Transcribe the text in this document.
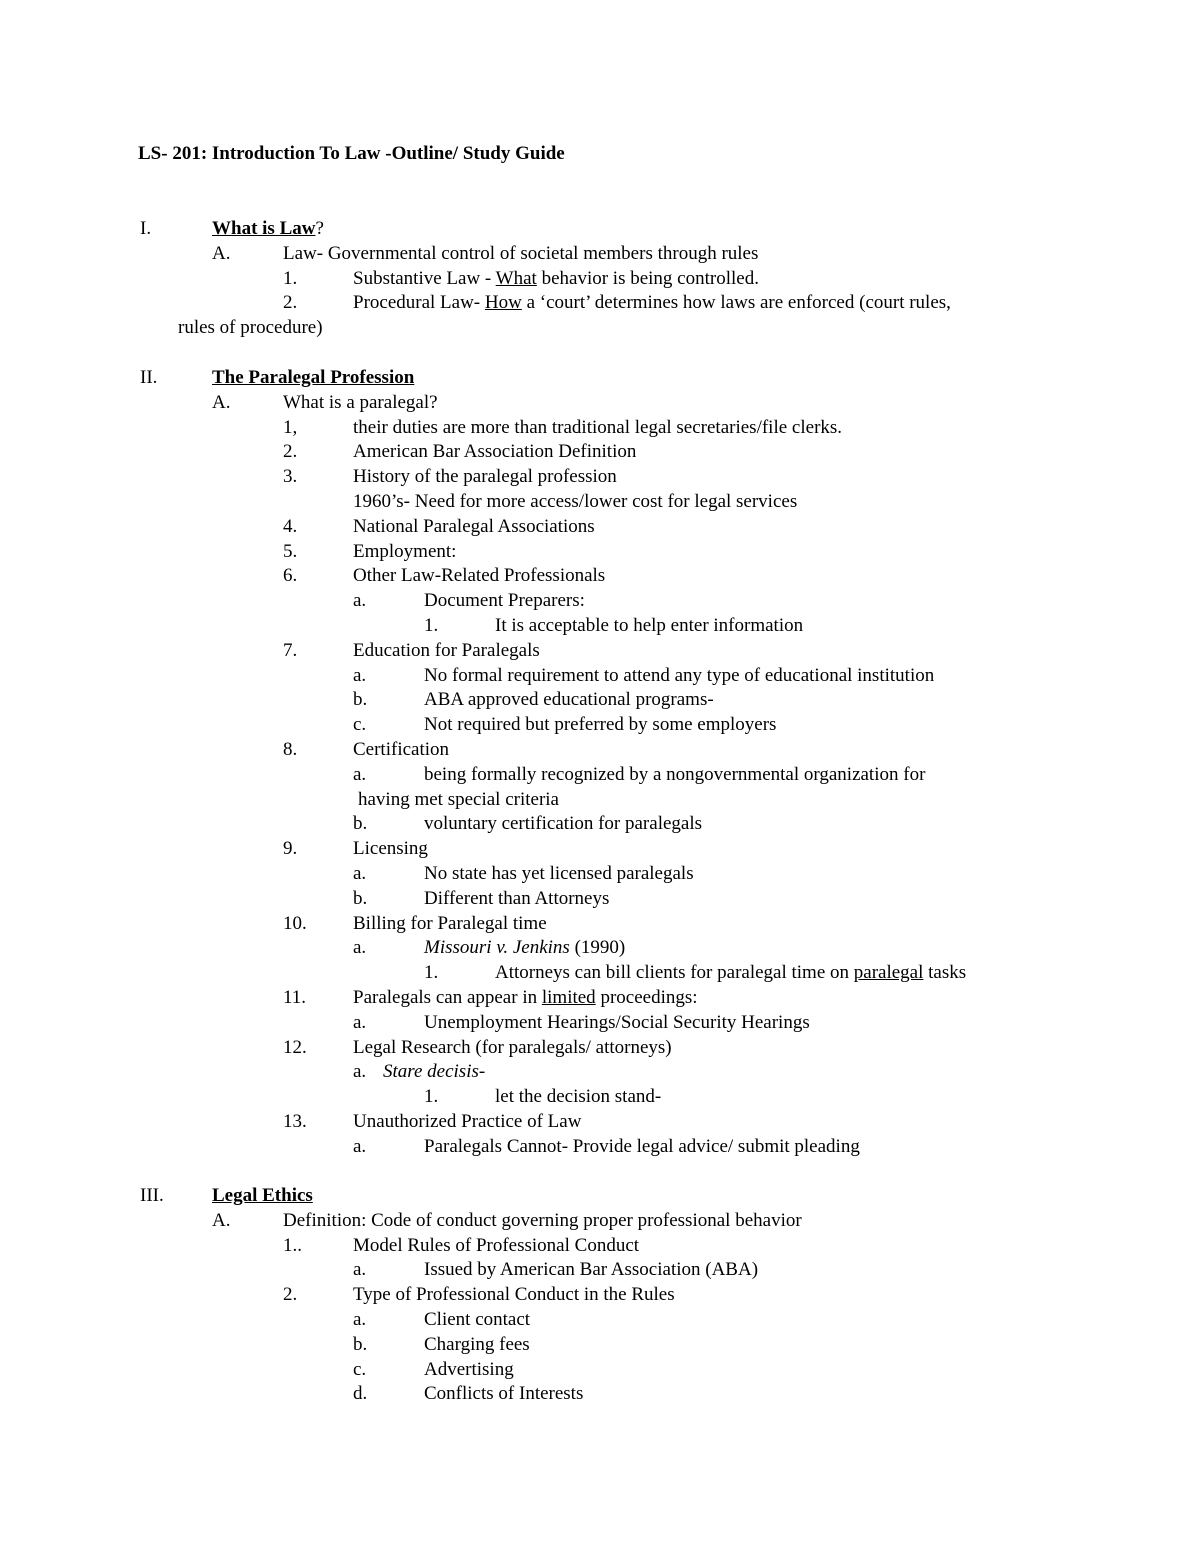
LS- 201: Introduction To Law -Outline/ Study Guide
I.	What is Law?
A.	Law- Governmental control of societal members through rules
1.	Substantive Law - What behavior is being controlled.
2.	Procedural Law- How a ‘court’ determines how laws are enforced (court rules,
rules of procedure)
II.	The Paralegal Profession
A.	What is a paralegal?
1,	their duties are more than traditional legal secretaries/file clerks.
2.	American Bar Association Definition
3.	History of the paralegal profession
1960’s- Need for more access/lower cost for legal services
4.	National Paralegal Associations
5.	Employment:
6.	Other Law-Related Professionals
a.	Document Preparers:
1.	It is acceptable to help enter information
7.	Education for Paralegals
a.	No formal requirement to attend any type of educational institution
b.	ABA approved educational programs-
c.	Not required but preferred by some employers
8.	Certification
a.	being formally recognized by a nongovernmental organization for
having met special criteria
b.	voluntary certification for paralegals
9.	Licensing
a.	No state has yet licensed paralegals
b.	Different than Attorneys
10. Billing for Paralegal time
a.	Missouri v. Jenkins (1990)
1.	Attorneys can bill clients for paralegal time on paralegal tasks
11. Paralegals can appear in limited proceedings:
a.	Unemployment Hearings/Social Security Hearings
12. Legal Research (for paralegals/ attorneys)
a. Stare decisis-
1.	let the decision stand-
13. Unauthorized Practice of Law
a.	Paralegals Cannot- Provide legal advice/ submit pleading
III.	Legal Ethics
A.	Definition: Code of conduct governing proper professional behavior
1..	Model Rules of Professional Conduct
a.	Issued by American Bar Association (ABA)
2.	Type of Professional Conduct in the Rules
a.	Client contact
b.	Charging fees
c.	Advertising
d.	Conflicts of Interests
